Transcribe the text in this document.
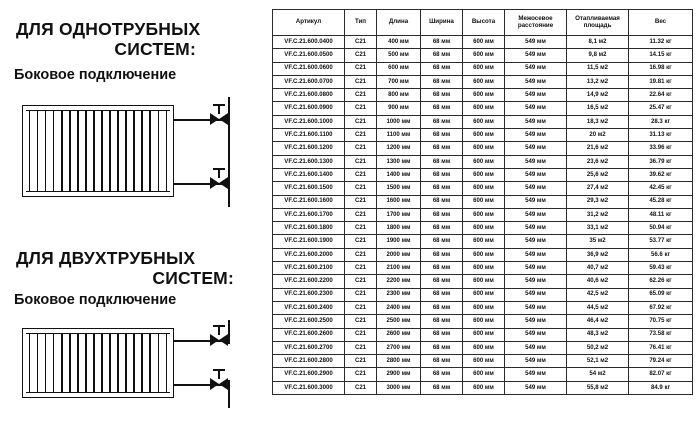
ДЛЯ ОДНОТРУБНЫХ
СИСТЕМ:
Боковое подключение
ДЛЯ ДВУХТРУБНЫХ
СИСТЕМ:
Боковое подключение
Артикул	Тип	Длина	Ширина	Высота	Межосевое расстояние	Отапливаемая площадь	Вес
VF.C.21.600.0400	C21	400 мм	68 мм	600 мм	549 мм	8,1 м2	11.32 кг
VF.C.21.600.0500	C21	500 мм	68 мм	600 мм	549 мм	9,8 м2	14.15 кг
VF.C.21.600.0600	C21	600 мм	68 мм	600 мм	549 мм	11,5 м2	16.98 кг
VF.C.21.600.0700	C21	700 мм	68 мм	600 мм	549 мм	13,2 м2	19.81 кг
VF.C.21.600.0800	C21	800 мм	68 мм	600 мм	549 мм	14,9 м2	22.64 кг
VF.C.21.600.0900	C21	900 мм	68 мм	600 мм	549 мм	16,5 м2	25.47 кг
VF.C.21.600.1000	C21	1000 мм	68 мм	600 мм	549 мм	18,3 м2	28.3 кг
VF.C.21.600.1100	C21	1100 мм	68 мм	600 мм	549 мм	20 м2	31.13 кг
VF.C.21.600.1200	C21	1200 мм	68 мм	600 мм	549 мм	21,6 м2	33.96 кг
VF.C.21.600.1300	C21	1300 мм	68 мм	600 мм	549 мм	23,6 м2	36.79 кг
VF.C.21.600.1400	C21	1400 мм	68 мм	600 мм	549 мм	25,6 м2	39.62 кг
VF.C.21.600.1500	C21	1500 мм	68 мм	600 мм	549 мм	27,4 м2	42.45 кг
VF.C.21.600.1600	C21	1600 мм	68 мм	600 мм	549 мм	29,3 м2	45.28 кг
VF.C.21.600.1700	C21	1700 мм	68 мм	600 мм	549 мм	31,2 м2	48.11 кг
VF.C.21.600.1800	C21	1800 мм	68 мм	600 мм	549 мм	33,1 м2	50.94 кг
VF.C.21.600.1900	C21	1900 мм	68 мм	600 мм	549 мм	35 м2	53.77 кг
VF.C.21.600.2000	C21	2000 мм	68 мм	600 мм	549 мм	36,9 м2	56.6 кг
VF.C.21.600.2100	C21	2100 мм	68 мм	600 мм	549 мм	40,7 м2	59.43 кг
VF.C.21.600.2200	C21	2200 мм	68 мм	600 мм	549 мм	40,6 м2	62.26 кг
VF.C.21.600.2300	C21	2300 мм	68 мм	600 мм	549 мм	42,5 м2	65.09 кг
VF.C.21.600.2400	C21	2400 мм	68 мм	600 мм	549 мм	44,5 м2	67.92 кг
VF.C.21.600.2500	C21	2500 мм	68 мм	600 мм	549 мм	46,4 м2	70.75 кг
VF.C.21.600.2600	C21	2600 мм	68 мм	600 мм	549 мм	48,3 м2	73.58 кг
VF.C.21.600.2700	C21	2700 мм	68 мм	600 мм	549 мм	50,2 м2	76.41 кг
VF.C.21.600.2800	C21	2800 мм	68 мм	600 мм	549 мм	52,1 м2	79.24 кг
VF.C.21.600.2900	C21	2900 мм	68 мм	600 мм	549 мм	54 м2	82.07 кг
VF.C.21.600.3000	C21	3000 мм	68 мм	600 мм	549 мм	55,8 м2	84.9 кг
